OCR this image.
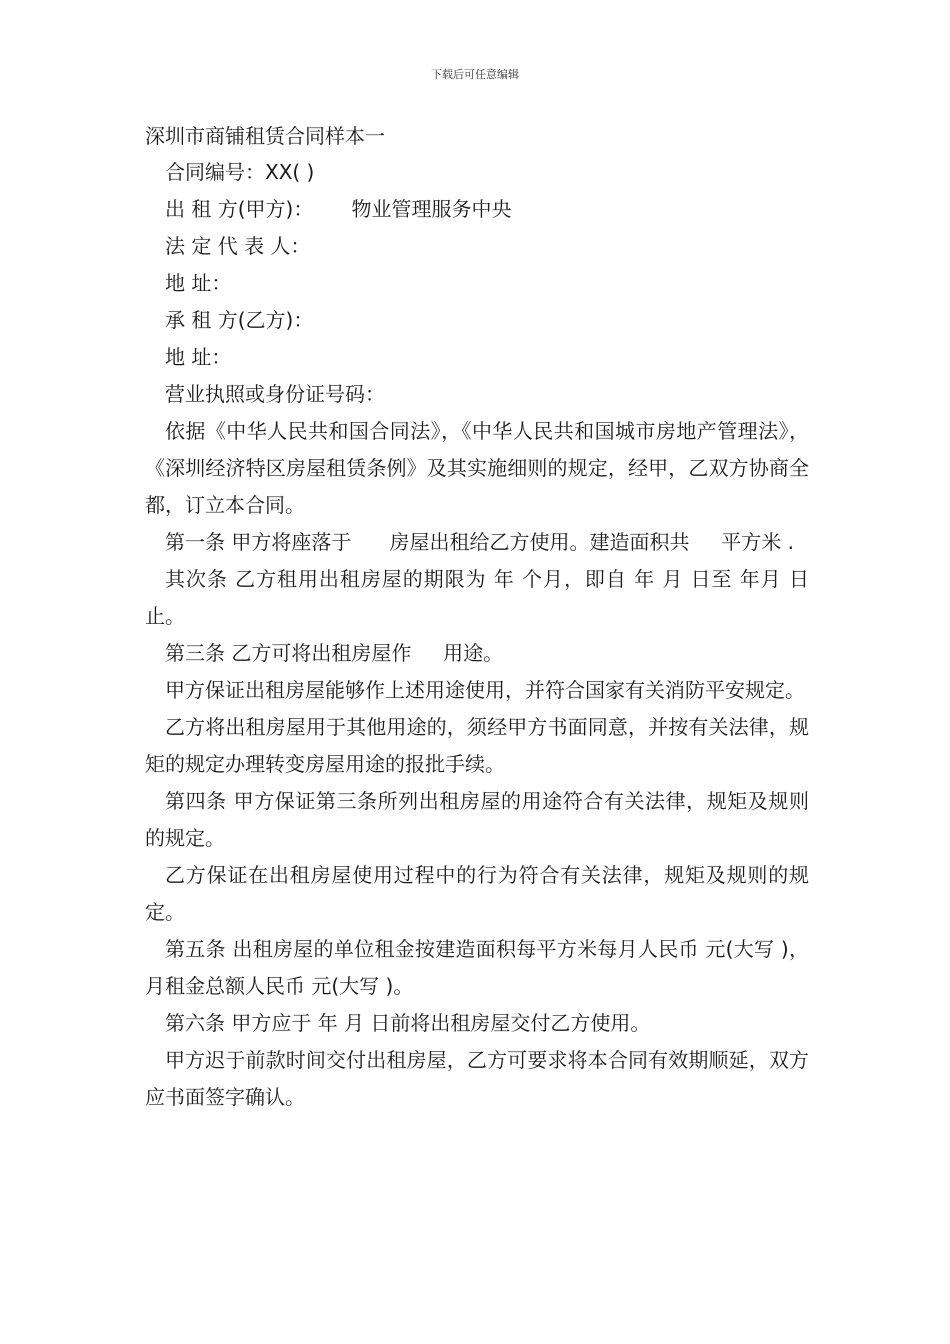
下载后可任意编辑
深圳市商铺租赁合同样本一
合同编号：XX( )
出 租 方(甲方)：      物业管理服务中央
法 定 代 表 人：
地 址：
承 租 方(乙方)：
地 址：
营业执照或身份证号码：

依据《中华人民共和国合同法》，《中华人民共和国城市房地产管理法》，《深圳经济特区房屋租赁条例》及其实施细则的规定，经甲，乙双方协商全都，订立本合同。

第一条 甲方将座落于      房屋出租给乙方使用。建造面积共     平方米 .

其次条 乙方租用出租房屋的期限为 年 个月，即自 年 月 日至 年月 日止。

第三条 乙方可将出租房屋作     用途。

甲方保证出租房屋能够作上述用途使用，并符合国家有关消防平安规定。

乙方将出租房屋用于其他用途的，须经甲方书面同意，并按有关法律，规矩的规定办理转变房屋用途的报批手续。

第四条 甲方保证第三条所列出租房屋的用途符合有关法律，规矩及规则的规定。

乙方保证在出租房屋使用过程中的行为符合有关法律，规矩及规则的规定。

第五条 出租房屋的单位租金按建造面积每平方米每月人民币 元(大写 )，月租金总额人民币 元(大写 )。

第六条 甲方应于 年 月 日前将出租房屋交付乙方使用。

甲方迟于前款时间交付出租房屋，乙方可要求将本合同有效期顺延，双方应书面签字确认。
